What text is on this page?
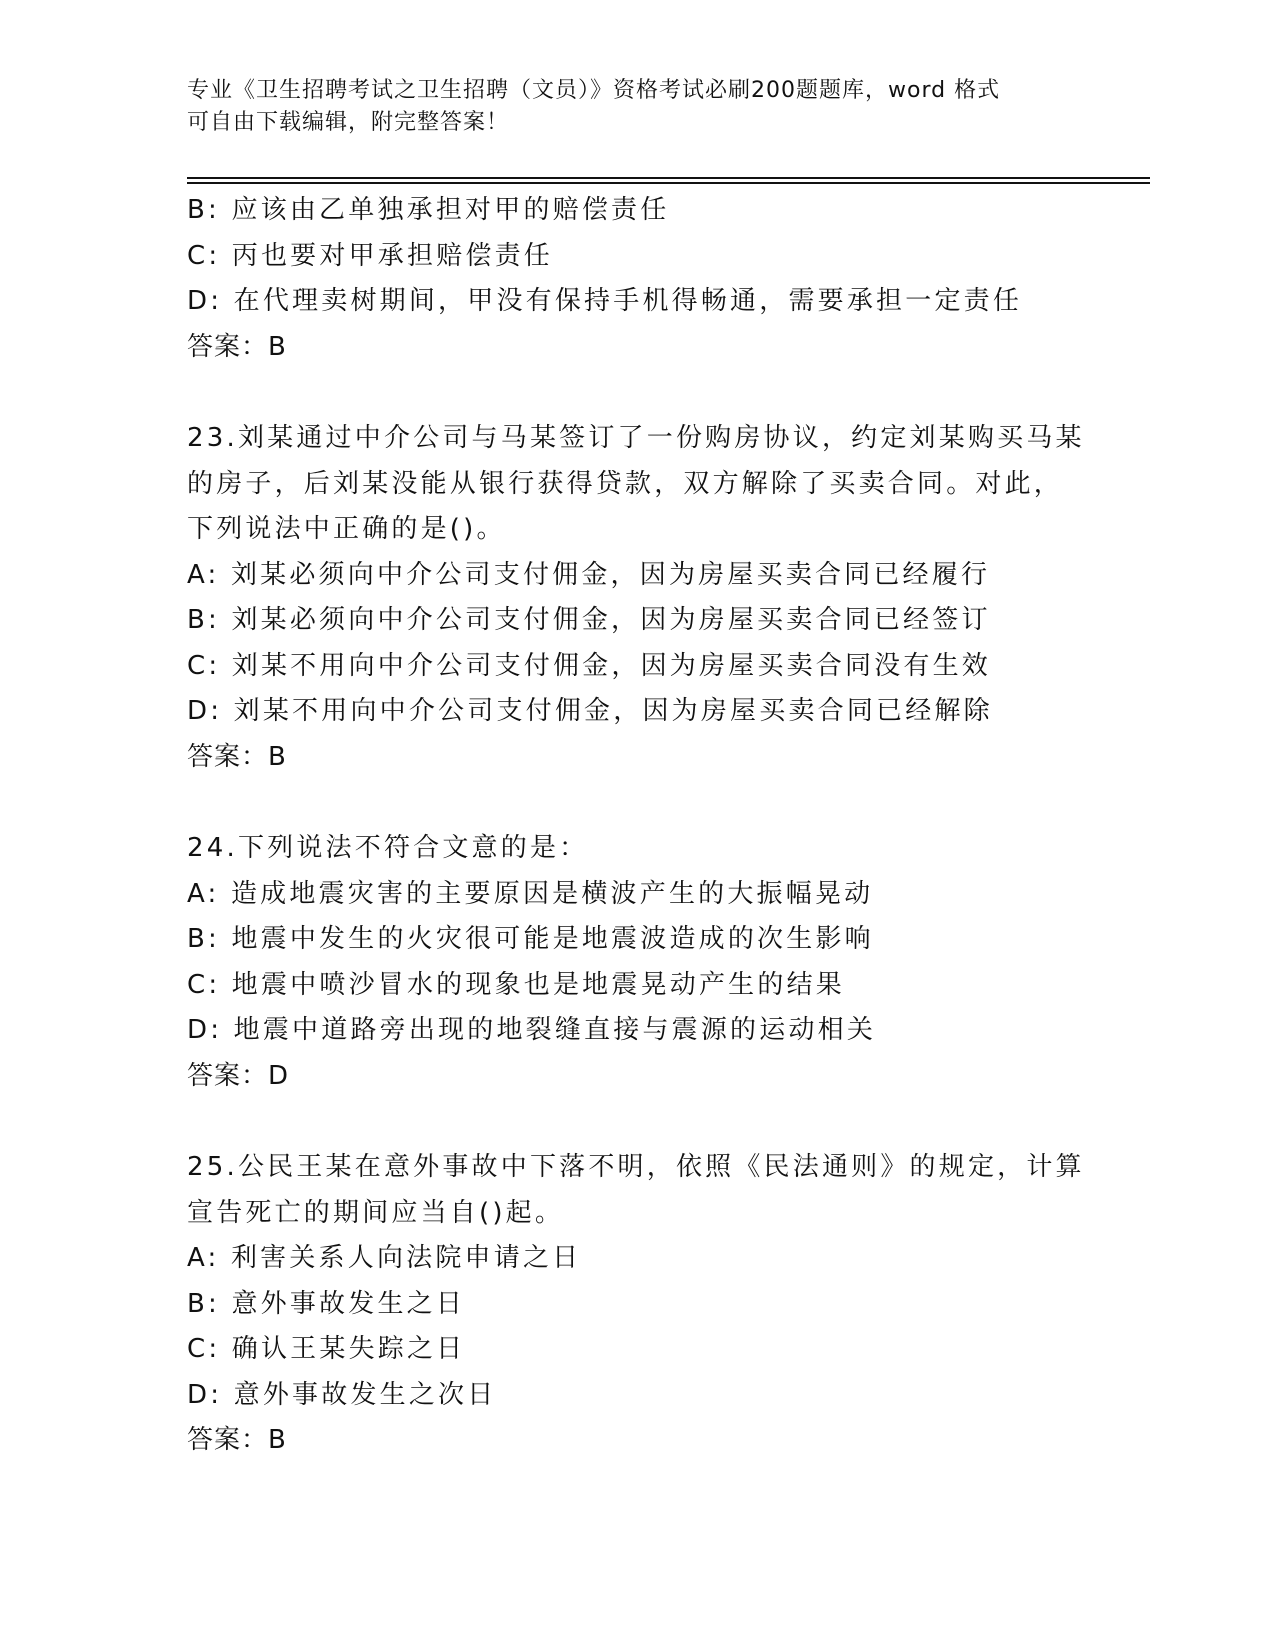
专业《卫生招聘考试之卫生招聘（文员）》资格考试必刷200题题库，word 格式
可自由下载编辑，附完整答案！
B: 应该由乙单独承担对甲的赔偿责任
C: 丙也要对甲承担赔偿责任
D: 在代理卖树期间，甲没有保持手机得畅通，需要承担一定责任
答案：B
23.刘某通过中介公司与马某签订了一份购房协议，约定刘某购买马某
的房子，后刘某没能从银行获得贷款，双方解除了买卖合同。对此，
下列说法中正确的是()。
A: 刘某必须向中介公司支付佣金，因为房屋买卖合同已经履行
B: 刘某必须向中介公司支付佣金，因为房屋买卖合同已经签订
C: 刘某不用向中介公司支付佣金，因为房屋买卖合同没有生效
D: 刘某不用向中介公司支付佣金，因为房屋买卖合同已经解除
答案：B
24.下列说法不符合文意的是：
A: 造成地震灾害的主要原因是横波产生的大振幅晃动
B: 地震中发生的火灾很可能是地震波造成的次生影响
C: 地震中喷沙冒水的现象也是地震晃动产生的结果
D: 地震中道路旁出现的地裂缝直接与震源的运动相关
答案：D
25.公民王某在意外事故中下落不明，依照《民法通则》的规定，计算
宣告死亡的期间应当自()起。
A: 利害关系人向法院申请之日
B: 意外事故发生之日
C: 确认王某失踪之日
D: 意外事故发生之次日
答案：B
